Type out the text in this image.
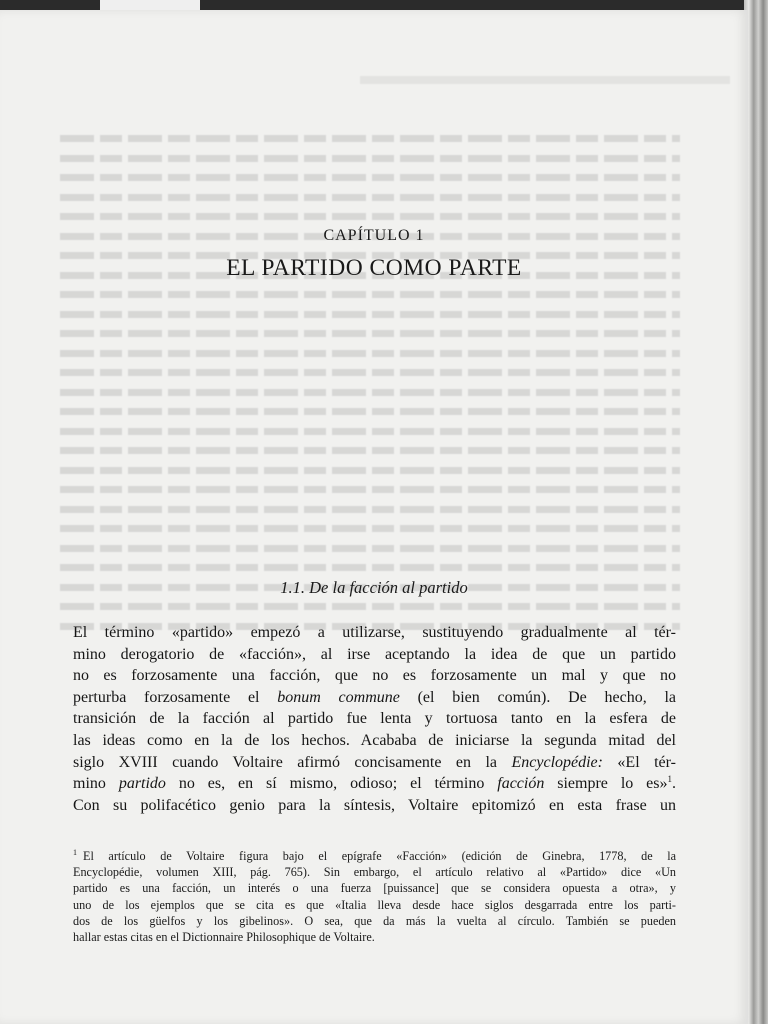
CAPÍTULO 1
EL PARTIDO COMO PARTE
1.1. De la facción al partido
El término «partido» empezó a utilizarse, sustituyendo gradualmente al tér-
mino derogatorio de «facción», al irse aceptando la idea de que un partido
no es forzosamente una facción, que no es forzosamente un mal y que no
perturba forzosamente el bonum commune (el bien común). De hecho, la
transición de la facción al partido fue lenta y tortuosa tanto en la esfera de
las ideas como en la de los hechos. Acababa de iniciarse la segunda mitad del
siglo XVIII cuando Voltaire afirmó concisamente en la Encyclopédie: «El tér-
mino partido no es, en sí mismo, odioso; el término facción siempre lo es»$^1$.
Con su polifacético genio para la síntesis, Voltaire epitomizó en esta frase un
$^1$ El artículo de Voltaire figura bajo el epígrafe «Facción» (edición de Ginebra, 1778, de la
Encyclopédie, volumen XIII, pág. 765). Sin embargo, el artículo relativo al «Partido» dice «Un
partido es una facción, un interés o una fuerza [puissance] que se considera opuesta a otra», y
uno de los ejemplos que se cita es que «Italia lleva desde hace siglos desgarrada entre los parti-
dos de los güelfos y los gibelinos». O sea, que da más la vuelta al círculo. También se pueden
hallar estas citas en el Dictionnaire Philosophique de Voltaire.
